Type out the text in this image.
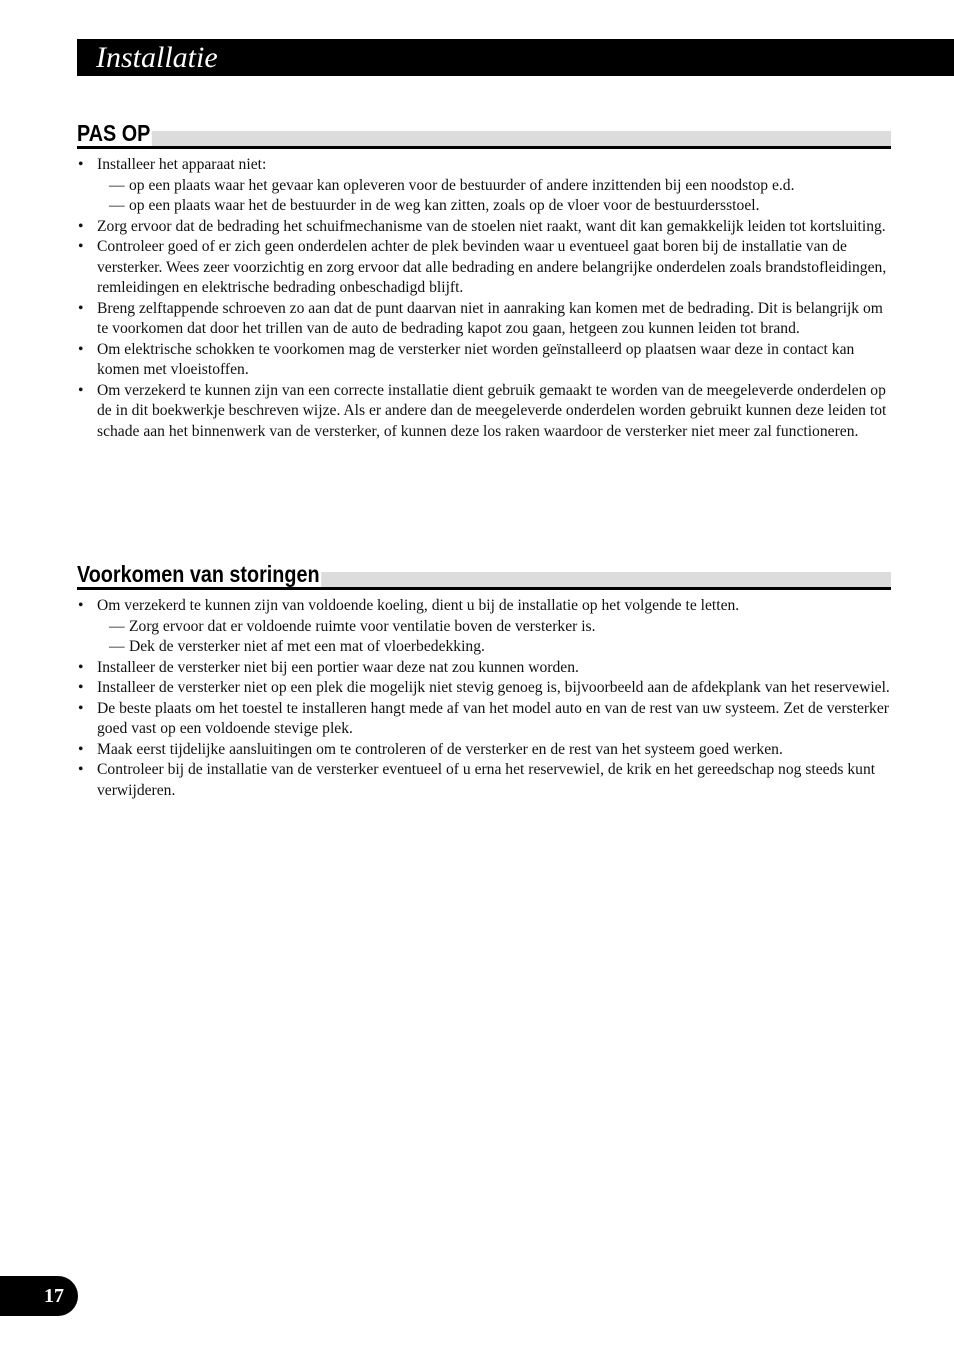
Installatie
PAS OP
• Installeer het apparaat niet:
— op een plaats waar het gevaar kan opleveren voor de bestuurder of andere inzittenden bij een noodstop e.d.
— op een plaats waar het de bestuurder in de weg kan zitten, zoals op de vloer voor de bestuurdersstoel.
• Zorg ervoor dat de bedrading het schuifmechanisme van de stoelen niet raakt, want dit kan gemakkelijk leiden tot kortsluiting.
• Controleer goed of er zich geen onderdelen achter de plek bevinden waar u eventueel gaat boren bij de installatie van de versterker. Wees zeer voorzichtig en zorg ervoor dat alle bedrading en andere belangrijke onderdelen zoals brandstofleidingen, remleidingen en elektrische bedrading onbeschadigd blijft.
• Breng zelftappende schroeven zo aan dat de punt daarvan niet in aanraking kan komen met de bedrading. Dit is belangrijk om te voorkomen dat door het trillen van de auto de bedrading kapot zou gaan, hetgeen zou kunnen leiden tot brand.
• Om elektrische schokken te voorkomen mag de versterker niet worden geïnstalleerd op plaatsen waar deze in contact kan komen met vloeistoffen.
• Om verzekerd te kunnen zijn van een correcte installatie dient gebruik gemaakt te worden van de meegeleverde onderdelen op de in dit boekwerkje beschreven wijze. Als er andere dan de meegeleverde onderdelen worden gebruikt kunnen deze leiden tot schade aan het binnenwerk van de versterker, of kunnen deze los raken waardoor de versterker niet meer zal functioneren.
Voorkomen van storingen
• Om verzekerd te kunnen zijn van voldoende koeling, dient u bij de installatie op het volgende te letten.
— Zorg ervoor dat er voldoende ruimte voor ventilatie boven de versterker is.
— Dek de versterker niet af met een mat of vloerbedekking.
• Installeer de versterker niet bij een portier waar deze nat zou kunnen worden.
• Installeer de versterker niet op een plek die mogelijk niet stevig genoeg is, bijvoorbeeld aan de afdekplank van het reservewiel.
• De beste plaats om het toestel te installeren hangt mede af van het model auto en van de rest van uw systeem. Zet de versterker goed vast op een voldoende stevige plek.
• Maak eerst tijdelijke aansluitingen om te controleren of de versterker en de rest van het systeem goed werken.
• Controleer bij de installatie van de versterker eventueel of u erna het reservewiel, de krik en het gereedschap nog steeds kunt verwijderen.
17
